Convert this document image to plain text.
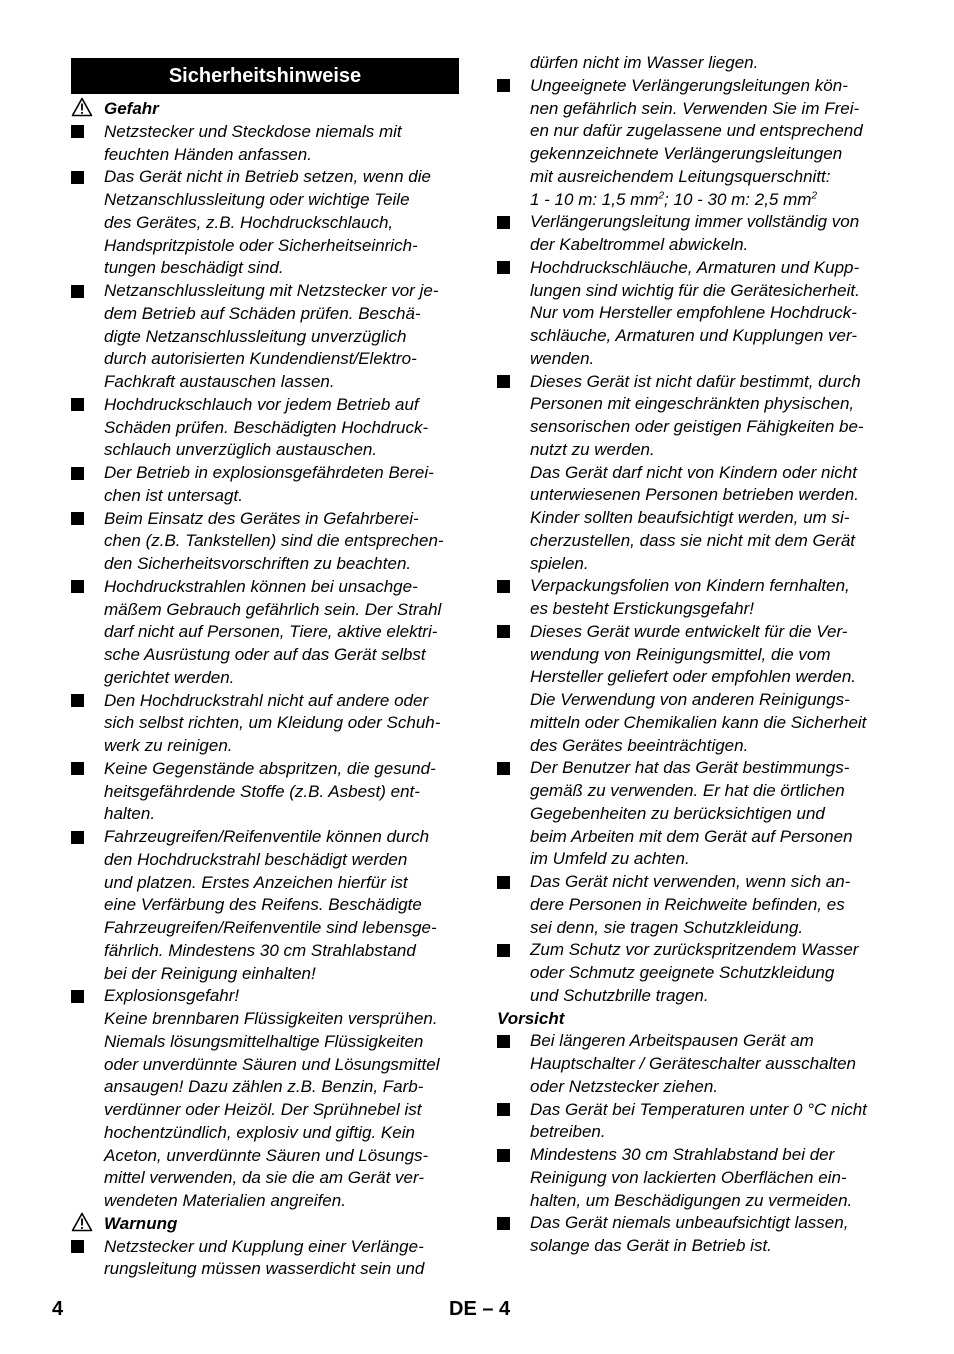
Sicherheitshinweise
Gefahr
Netzstecker und Steckdose niemals mit
feuchten Händen anfassen.
Das Gerät nicht in Betrieb setzen, wenn die
Netzanschlussleitung oder wichtige Teile
des Gerätes, z.B. Hochdruckschlauch,
Handspritzpistole oder Sicherheitseinrich-
tungen beschädigt sind.
Netzanschlussleitung mit Netzstecker vor je-
dem Betrieb auf Schäden prüfen. Beschä-
digte Netzanschlussleitung unverzüglich
durch autorisierten Kundendienst/Elektro-
Fachkraft austauschen lassen.
Hochdruckschlauch vor jedem Betrieb auf
Schäden prüfen. Beschädigten Hochdruck-
schlauch unverzüglich austauschen.
Der Betrieb in explosionsgefährdeten Berei-
chen ist untersagt.
Beim Einsatz des Gerätes in Gefahrberei-
chen (z.B. Tankstellen) sind die entsprechen-
den Sicherheitsvorschriften zu beachten.
Hochdruckstrahlen können bei unsachge-
mäßem Gebrauch gefährlich sein. Der Strahl
darf nicht auf Personen, Tiere, aktive elektri-
sche Ausrüstung oder auf das Gerät selbst
gerichtet werden.
Den Hochdruckstrahl nicht auf andere oder
sich selbst richten, um Kleidung oder Schuh-
werk zu reinigen.
Keine Gegenstände abspritzen, die gesund-
heitsgefährdende Stoffe (z.B. Asbest) ent-
halten.
Fahrzeugreifen/Reifenventile können durch
den Hochdruckstrahl beschädigt werden
und platzen. Erstes Anzeichen hierfür ist
eine Verfärbung des Reifens. Beschädigte
Fahrzeugreifen/Reifenventile sind lebensge-
fährlich. Mindestens 30 cm Strahlabstand
bei der Reinigung einhalten!
Explosionsgefahr!
Keine brennbaren Flüssigkeiten versprühen.
Niemals lösungsmittelhaltige Flüssigkeiten
oder unverdünnte Säuren und Lösungsmittel
ansaugen! Dazu zählen z.B. Benzin, Farb-
verdünner oder Heizöl. Der Sprühnebel ist
hochentzündlich, explosiv und giftig. Kein
Aceton, unverdünnte Säuren und Lösungs-
mittel verwenden, da sie die am Gerät ver-
wendeten Materialien angreifen.
Warnung
Netzstecker und Kupplung einer Verlänge-
rungsleitung müssen wasserdicht sein und
dürfen nicht im Wasser liegen.
Ungeeignete Verlängerungsleitungen kön-
nen gefährlich sein. Verwenden Sie im Frei-
en nur dafür zugelassene und entsprechend
gekennzeichnete Verlängerungsleitungen
mit ausreichendem Leitungsquerschnitt:
1 - 10 m: 1,5 $mm^2$; 10 - 30 m: 2,5 $mm^2$
Verlängerungsleitung immer vollständig von
der Kabeltrommel abwickeln.
Hochdruckschläuche, Armaturen und Kupp-
lungen sind wichtig für die Gerätesicherheit.
Nur vom Hersteller empfohlene Hochdruck-
schläuche, Armaturen und Kupplungen ver-
wenden.
Dieses Gerät ist nicht dafür bestimmt, durch
Personen mit eingeschränkten physischen,
sensorischen oder geistigen Fähigkeiten be-
nutzt zu werden.
Das Gerät darf nicht von Kindern oder nicht
unterwiesenen Personen betrieben werden.
Kinder sollten beaufsichtigt werden, um si-
cherzustellen, dass sie nicht mit dem Gerät
spielen.
Verpackungsfolien von Kindern fernhalten,
es besteht Erstickungsgefahr!
Dieses Gerät wurde entwickelt für die Ver-
wendung von Reinigungsmittel, die vom
Hersteller geliefert oder empfohlen werden.
Die Verwendung von anderen Reinigungs-
mitteln oder Chemikalien kann die Sicherheit
des Gerätes beeinträchtigen.
Der Benutzer hat das Gerät bestimmungs-
gemäß zu verwenden. Er hat die örtlichen
Gegebenheiten zu berücksichtigen und
beim Arbeiten mit dem Gerät auf Personen
im Umfeld zu achten.
Das Gerät nicht verwenden, wenn sich an-
dere Personen in Reichweite befinden, es
sei denn, sie tragen Schutzkleidung.
Zum Schutz vor zurückspritzendem Wasser
oder Schmutz geeignete Schutzkleidung
und Schutzbrille tragen.
Vorsicht
Bei längeren Arbeitspausen Gerät am
Hauptschalter / Geräteschalter ausschalten
oder Netzstecker ziehen.
Das Gerät bei Temperaturen unter 0 °C nicht
betreiben.
Mindestens 30 cm Strahlabstand bei der
Reinigung von lackierten Oberflächen ein-
halten, um Beschädigungen zu vermeiden.
Das Gerät niemals unbeaufsichtigt lassen,
solange das Gerät in Betrieb ist.
4	DE – 4
